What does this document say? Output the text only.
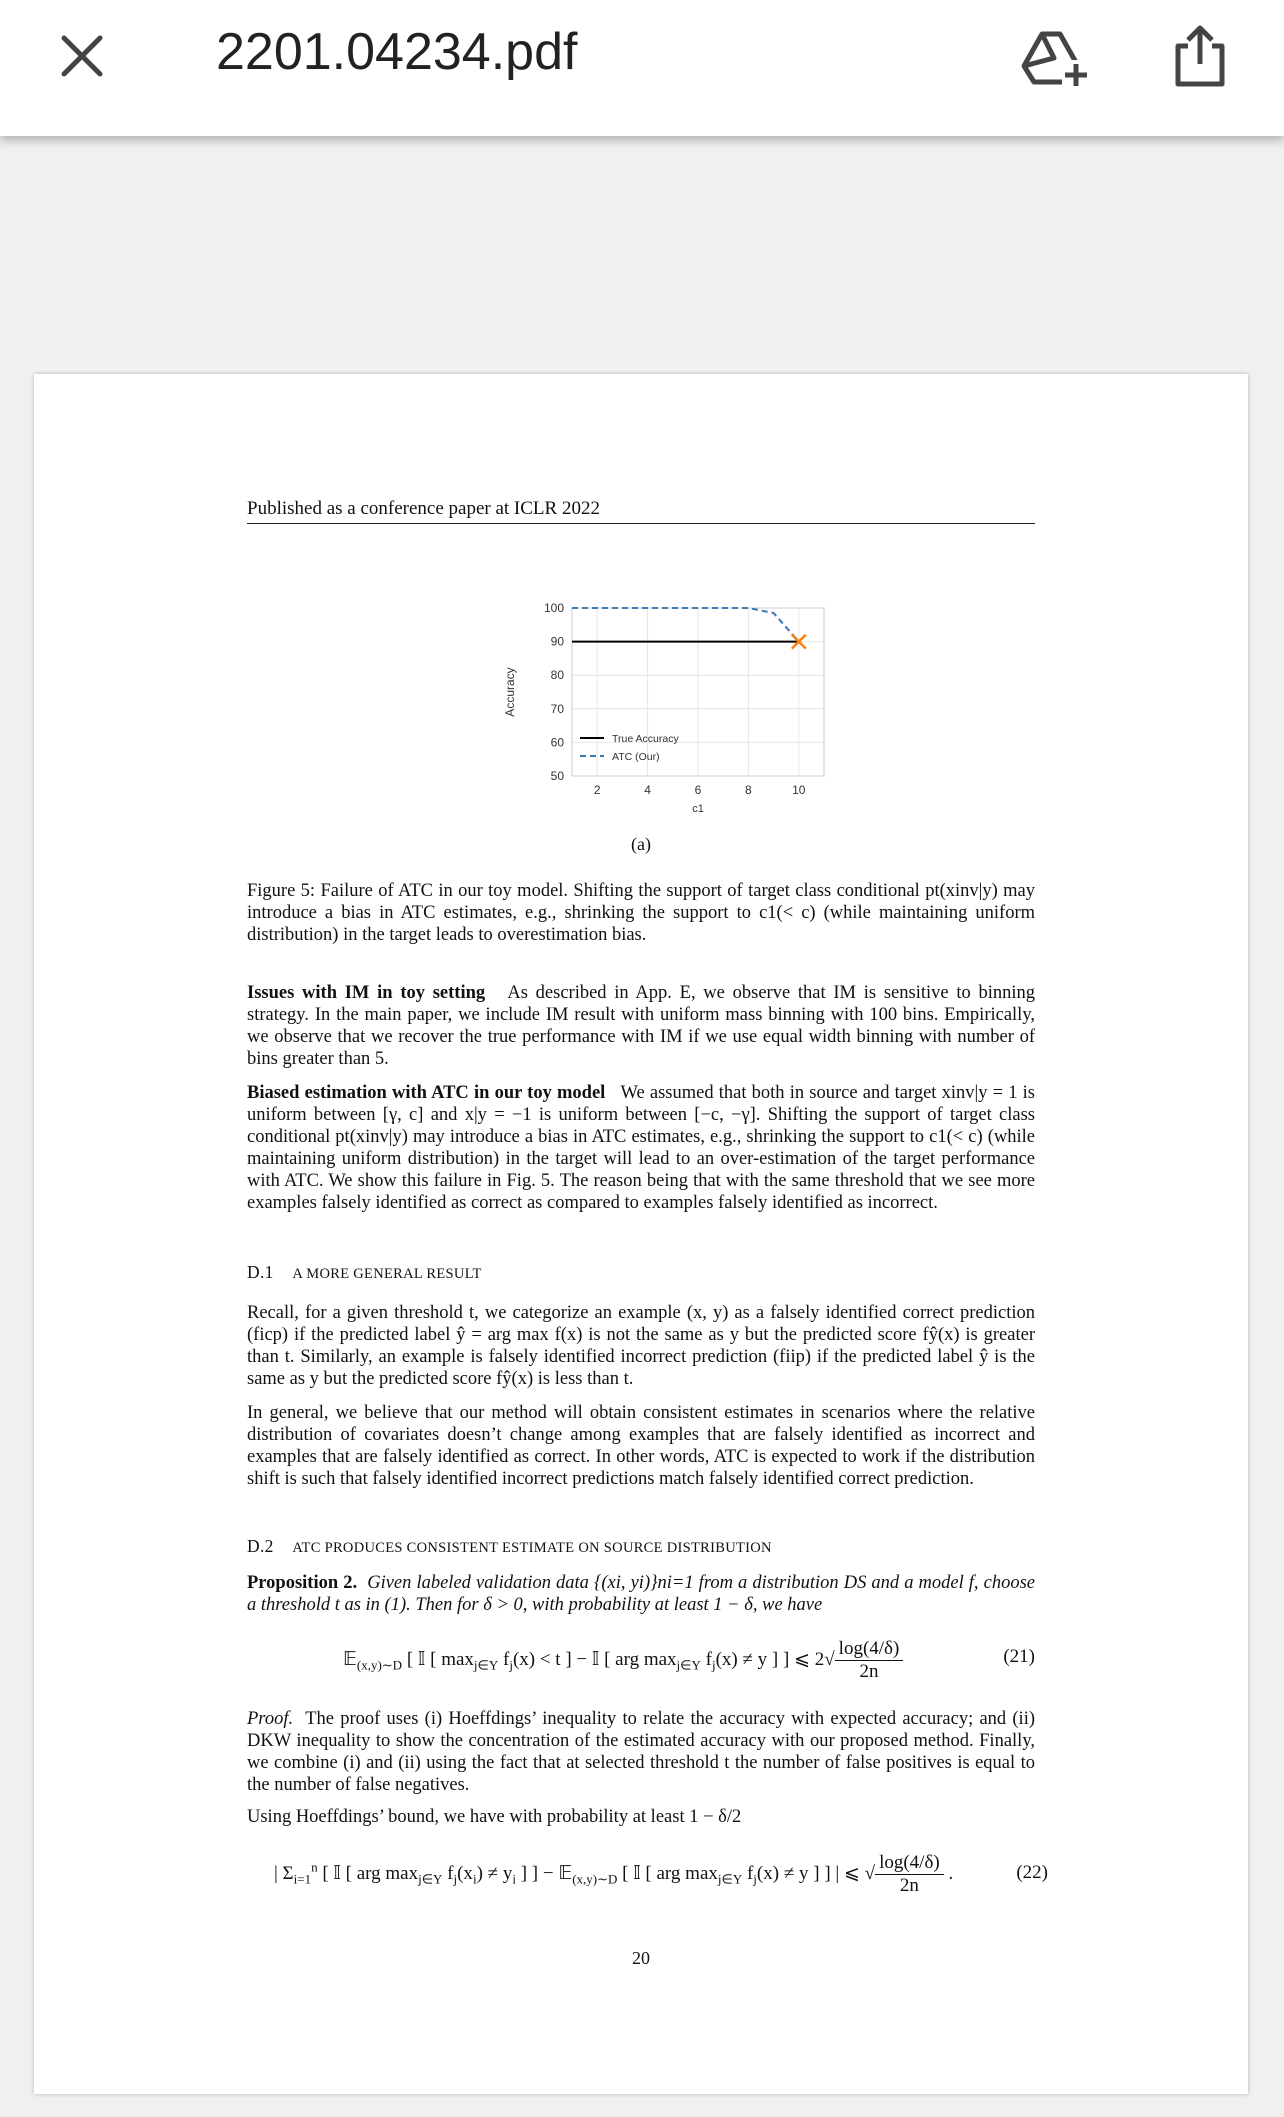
2201.04234.pdf
Published as a conference paper at ICLR 2022
2	4	6	8	10
50
60
70
80
90
100
c1
Accuracy
True Accuracy
ATC (Our)
(a)
Figure 5: Failure of ATC in our toy model. Shifting the support of target class conditional pt(xinv|y) may introduce a bias in ATC estimates, e.g., shrinking the support to c1(< c) (while maintaining uniform distribution) in the target leads to overestimation bias.
Issues with IM in toy setting As described in App. E, we observe that IM is sensitive to binning strategy. In the main paper, we include IM result with uniform mass binning with 100 bins. Empirically, we observe that we recover the true performance with IM if we use equal width binning with number of bins greater than 5.
Biased estimation with ATC in our toy model We assumed that both in source and target xinv|y = 1 is uniform between [γ, c] and x|y = −1 is uniform between [−c, −γ]. Shifting the support of target class conditional pt(xinv|y) may introduce a bias in ATC estimates, e.g., shrinking the support to c1(< c) (while maintaining uniform distribution) in the target will lead to an over-estimation of the target performance with ATC. We show this failure in Fig. 5. The reason being that with the same threshold that we see more examples falsely identified as correct as compared to examples falsely identified as incorrect.
D.1 A MORE GENERAL RESULT
Recall, for a given threshold t, we categorize an example (x, y) as a falsely identified correct prediction (ficp) if the predicted label ŷ = arg max f(x) is not the same as y but the predicted score fŷ(x) is greater than t. Similarly, an example is falsely identified incorrect prediction (fiip) if the predicted label ŷ is the same as y but the predicted score fŷ(x) is less than t.
In general, we believe that our method will obtain consistent estimates in scenarios where the relative distribution of covariates doesn’t change among examples that are falsely identified as incorrect and examples that are falsely identified as correct. In other words, ATC is expected to work if the distribution shift is such that falsely identified incorrect predictions match falsely identified correct prediction.
D.2 ATC PRODUCES CONSISTENT ESTIMATE ON SOURCE DISTRIBUTION
Proposition 2. Given labeled validation data {(xi, yi)}ni=1 from a distribution DS and a model f, choose a threshold t as in (1). Then for δ > 0, with probability at least 1 − δ, we have
𝔼$_{(x,y)\sim D}$ [ 𝕀 [ $\max_{j\in Y} f_j(x) < t$ ] − 𝕀 [ arg $\max_{j\in Y} f_j(x) \ne y$ ] ] ⩽ $2√ \frac{\log(4/\delta)}{2n}$	(21)
Proof. The proof uses (i) Hoeffdings’ inequality to relate the accuracy with expected accuracy; and (ii) DKW inequality to show the concentration of the estimated accuracy with our proposed method. Finally, we combine (i) and (ii) using the fact that at selected threshold t the number of false positives is equal to the number of false negatives.
Using Hoeffdings’ bound, we have with probability at least 1 − δ/2
| $\Sigma_{i=1}^n$ [ 𝕀 [ arg $\max_{j\in Y} f_j(x_i) \ne y_i$ ] ] − 𝔼$_{(x,y)\sim D}$ [ 𝕀 [ arg $\max_{j\in Y} f_j(x) \ne y$ ] ] | ⩽ √ $\frac{\log(4/\delta)}{2n}$ .	(22)
20
